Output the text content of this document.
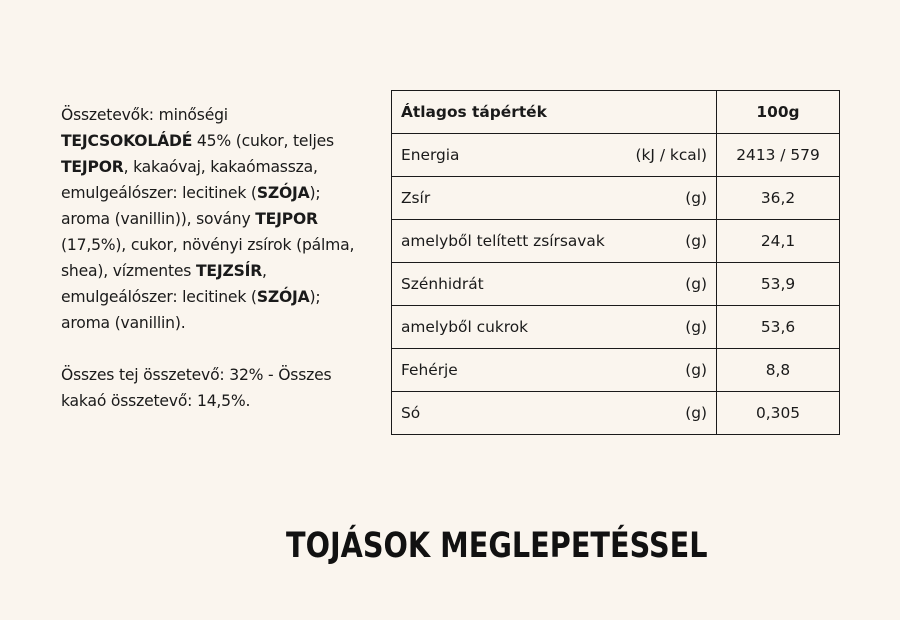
Összetevők: minőségi TEJCSOKOLÁDÉ 45% (cukor, teljes TEJPOR, kakaóvaj, kakaómassza, emulgeálószer: lecitinek (SZÓJA); aroma (vanillin)), sovány TEJPOR (17,5%), cukor, növényi zsírok (pálma, shea), vízmentes TEJZSÍR, emulgeálószer: lecitinek (SZÓJA); aroma (vanillin).
Összes tej összetevő: 32% - Összes kakaó összetevő: 14,5%.
Átlagos tápérték	100g

Energia (kJ / kcal)	2413 / 579

Zsír (g)	36,2

amelyből telített zsírsavak (g)	24,1

Szénhidrát (g)	53,9

amelyből cukrok (g)	53,6

Fehérje (g)	8,8

Só (g)	0,305
TOJÁSOK MEGLEPETÉSSEL
